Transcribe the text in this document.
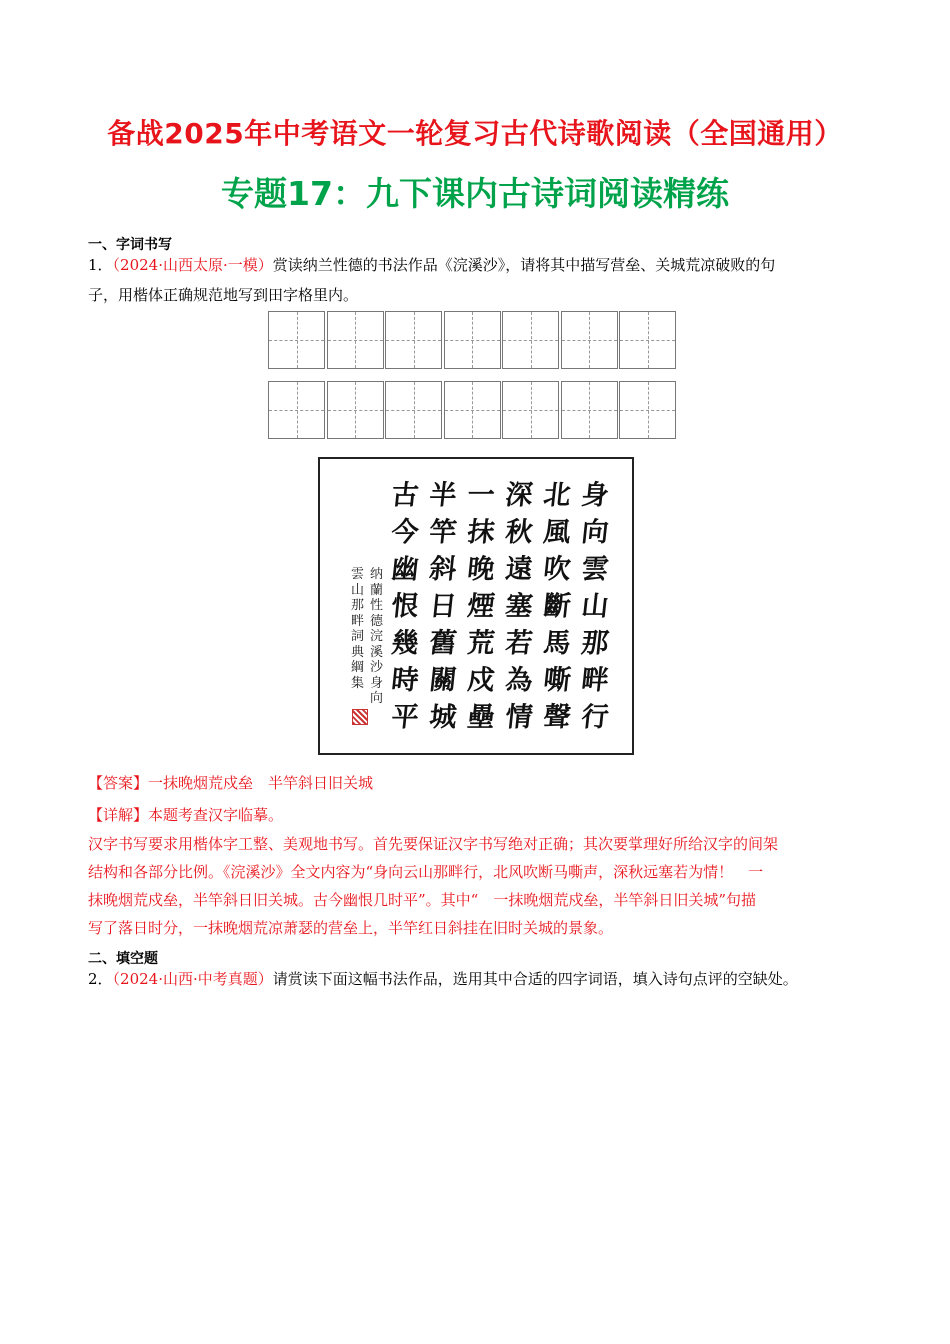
备战2025年中考语文一轮复习古代诗歌阅读（全国通用）
专题17：九下课内古诗词阅读精练
一、字词书写
1．（2024·山西太原·一模）赏读纳兰性德的书法作品《浣溪沙》，请将其中描写营垒、关城荒凉破败的句
子，用楷体正确规范地写到田字格里内。
身
向
雲
山
那
畔
行
北
風
吹
斷
馬
嘶
聲
深
秋
遠
塞
若
為
情
一
抹
晚
煙
荒
戍
壘
半
竿
斜
日
舊
關
城
古
今
幽
恨
幾
時
平
纳
蘭
性
德
浣
溪
沙
身
向
雲
山
那
畔
詞
典
綱
集
【答案】一抹晚烟荒戍垒　半竿斜日旧关城
【详解】本题考查汉字临摹。
汉字书写要求用楷体字工整、美观地书写。首先要保证汉字书写绝对正确；其次要掌理好所给汉字的间架
结构和各部分比例。《浣溪沙》全文内容为“身向云山那畔行，北风吹断马嘶声，深秋远塞若为情！　一
抹晚烟荒戍垒，半竿斜日旧关城。古今幽恨几时平”。其中“　一抹晚烟荒戍垒，半竿斜日旧关城”句描
写了落日时分，一抹晚烟荒凉萧瑟的营垒上，半竿红日斜挂在旧时关城的景象。
二、填空题
2．（2024·山西·中考真题）请赏读下面这幅书法作品，选用其中合适的四字词语，填入诗句点评的空缺处。
